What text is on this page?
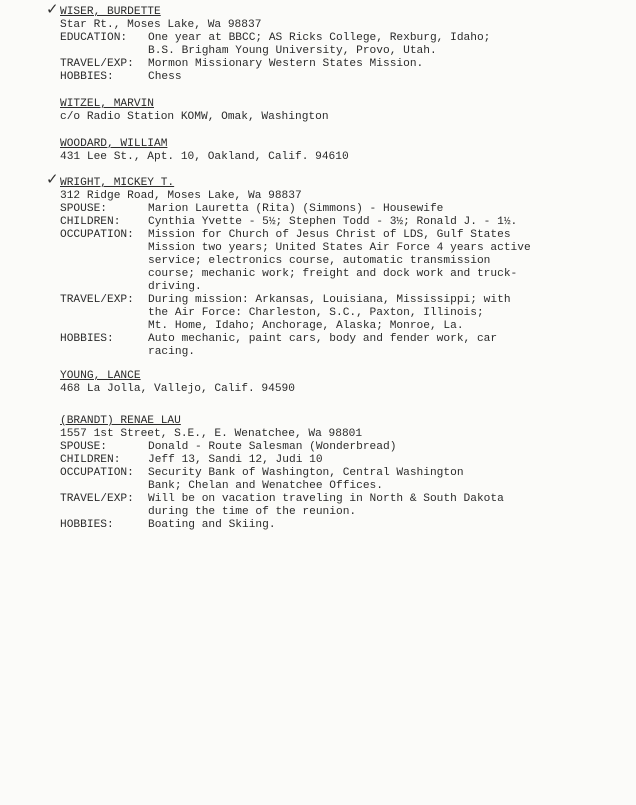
✓ WISER, BURDETTE
Star Rt., Moses Lake, Wa 98837
EDUCATION: One year at BBCC; AS Ricks College, Rexburg, Idaho;
B.S. Brigham Young University, Provo, Utah.
TRAVEL/EXP: Mormon Missionary Western States Mission.
HOBBIES:	Chess
WITZEL, MARVIN
c/o Radio Station KOMW, Omak, Washington
WOODARD, WILLIAM
431 Lee St., Apt. 10, Oakland, Calif. 94610
✓ WRIGHT, MICKEY T.
312 Ridge Road, Moses Lake, Wa 98837
SPOUSE:	Marion Lauretta (Rita) (Simmons) - Housewife
CHILDREN: Cynthia Yvette - 5½; Stephen Todd - 3½; Ronald J. - 1½.
OCCUPATION: Mission for Church of Jesus Christ of LDS, Gulf States
Mission two years; United States Air Force 4 years active
service; electronics course, automatic transmission
course; mechanic work; freight and dock work and truck-
driving.
TRAVEL/EXP: During mission: Arkansas, Louisiana, Mississippi; with
the Air Force: Charleston, S.C., Paxton, Illinois;
Mt. Home, Idaho; Anchorage, Alaska; Monroe, La.
HOBBIES:	Auto mechanic, paint cars, body and fender work, car
racing.
YOUNG, LANCE
468 La Jolla, Vallejo, Calif. 94590
(BRANDT) RENAE LAU
1557 1st Street, S.E., E. Wenatchee, Wa 98801
SPOUSE:	Donald - Route Salesman (Wonderbread)
CHILDREN: Jeff 13, Sandi 12, Judi 10
OCCUPATION: Security Bank of Washington, Central Washington
Bank; Chelan and Wenatchee Offices.
TRAVEL/EXP: Will be on vacation traveling in North & South Dakota
during the time of the reunion.
HOBBIES:	Boating and Skiing.
